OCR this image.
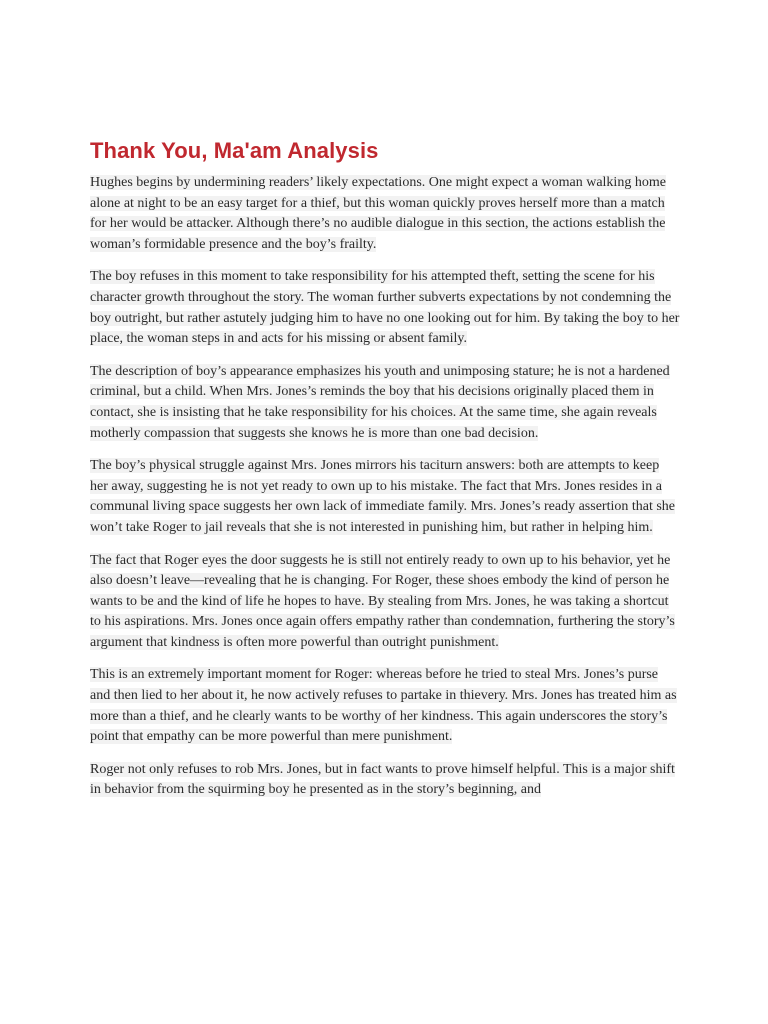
Thank You, Ma'am Analysis

Hughes begins by undermining readers’ likely expectations. One might expect a woman walking home alone at night to be an easy target for a thief, but this woman quickly proves herself more than a match for her would be attacker. Although there’s no audible dialogue in this section, the actions establish the woman’s formidable presence and the boy’s frailty.

The boy refuses in this moment to take responsibility for his attempted theft, setting the scene for his character growth throughout the story. The woman further subverts expectations by not condemning the boy outright, but rather astutely judging him to have no one looking out for him. By taking the boy to her place, the woman steps in and acts for his missing or absent family.

The description of boy’s appearance emphasizes his youth and unimposing stature; he is not a hardened criminal, but a child. When Mrs. Jones’s reminds the boy that his decisions originally placed them in contact, she is insisting that he take responsibility for his choices. At the same time, she again reveals motherly compassion that suggests she knows he is more than one bad decision.

The boy’s physical struggle against Mrs. Jones mirrors his taciturn answers: both are attempts to keep her away, suggesting he is not yet ready to own up to his mistake. The fact that Mrs. Jones resides in a communal living space suggests her own lack of immediate family. Mrs. Jones’s ready assertion that she won’t take Roger to jail reveals that she is not interested in punishing him, but rather in helping him.

The fact that Roger eyes the door suggests he is still not entirely ready to own up to his behavior, yet he also doesn’t leave—revealing that he is changing. For Roger, these shoes embody the kind of person he wants to be and the kind of life he hopes to have. By stealing from Mrs. Jones, he was taking a shortcut to his aspirations. Mrs. Jones once again offers empathy rather than condemnation, furthering the story’s argument that kindness is often more powerful than outright punishment.

This is an extremely important moment for Roger: whereas before he tried to steal Mrs. Jones’s purse and then lied to her about it, he now actively refuses to partake in thievery. Mrs. Jones has treated him as more than a thief, and he clearly wants to be worthy of her kindness. This again underscores the story’s point that empathy can be more powerful than mere punishment.

Roger not only refuses to rob Mrs. Jones, but in fact wants to prove himself helpful. This is a major shift in behavior from the squirming boy he presented as in the story’s beginning, and
